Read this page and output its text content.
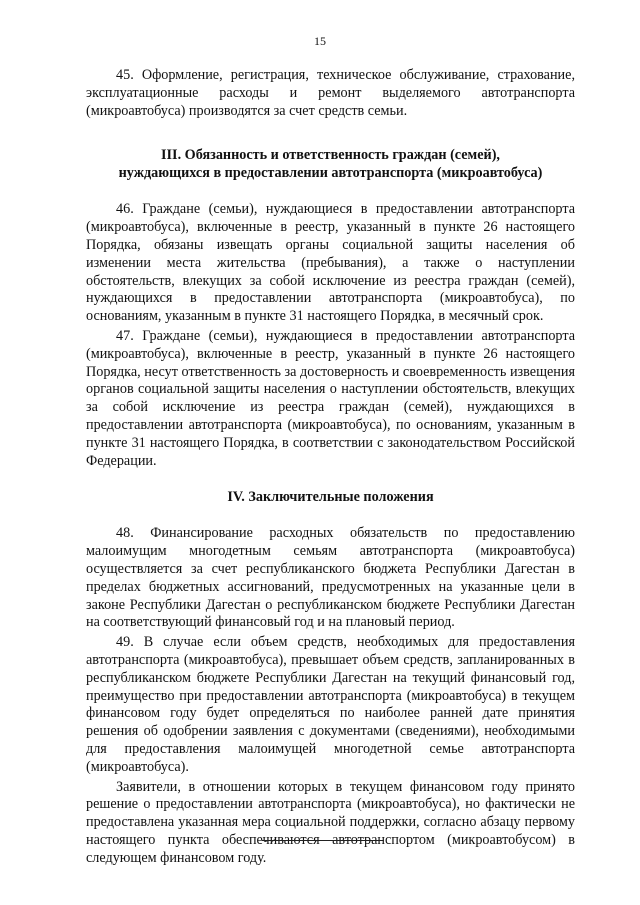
15

45. Оформление, регистрация, техническое обслуживание, страхование, эксплуатационные расходы и ремонт выделяемого автотранспорта (микроавтобуса) производятся за счет средств семьи.

III. Обязанность и ответственность граждан (семей),

нуждающихся в предоставлении автотранспорта (микроавтобуса)

46. Граждане (семьи), нуждающиеся в предоставлении автотранспорта (микроавтобуса), включенные в реестр, указанный в пункте 26 настоящего Порядка, обязаны извещать органы социальной защиты населения об изменении места жительства (пребывания), а также о наступлении обстоятельств, влекущих за собой исключение из реестра граждан (семей), нуждающихся в предоставлении автотранспорта (микроавтобуса), по основаниям, указанным в пункте 31 настоящего Порядка, в месячный срок.

47. Граждане (семьи), нуждающиеся в предоставлении автотранспорта (микроавтобуса), включенные в реестр, указанный в пункте 26 настоящего Порядка, несут ответственность за достоверность и своевременность извещения органов социальной защиты населения о наступлении обстоятельств, влекущих за собой исключение из реестра граждан (семей), нуждающихся в предоставлении автотранспорта (микроавтобуса), по основаниям, указанным в пункте 31 настоящего Порядка, в соответствии с законодательством Российской Федерации.

IV. Заключительные положения

48. Финансирование расходных обязательств по предоставлению малоимущим многодетным семьям автотранспорта (микроавтобуса) осуществляется за счет республиканского бюджета Республики Дагестан в пределах бюджетных ассигнований, предусмотренных на указанные цели в законе Республики Дагестан о республиканском бюджете Республики Дагестан на соответствующий финансовый год и на плановый период.

49. В случае если объем средств, необходимых для предоставления автотранспорта (микроавтобуса), превышает объем средств, запланированных в республиканском бюджете Республики Дагестан на текущий финансовый год, преимущество при предоставлении автотранспорта (микроавтобуса) в текущем финансовом году будет определяться по наиболее ранней дате принятия решения об одобрении заявления с документами (сведениями), необходимыми для предоставления малоимущей многодетной семье автотранспорта (микроавтобуса).

Заявители, в отношении которых в текущем финансовом году принято решение о предоставлении автотранспорта (микроавтобуса), но фактически не предоставлена указанная мера социальной поддержки, согласно абзацу первому настоящего пункта обеспечиваются автотранспортом (микроавтобусом) в следующем финансовом году.
